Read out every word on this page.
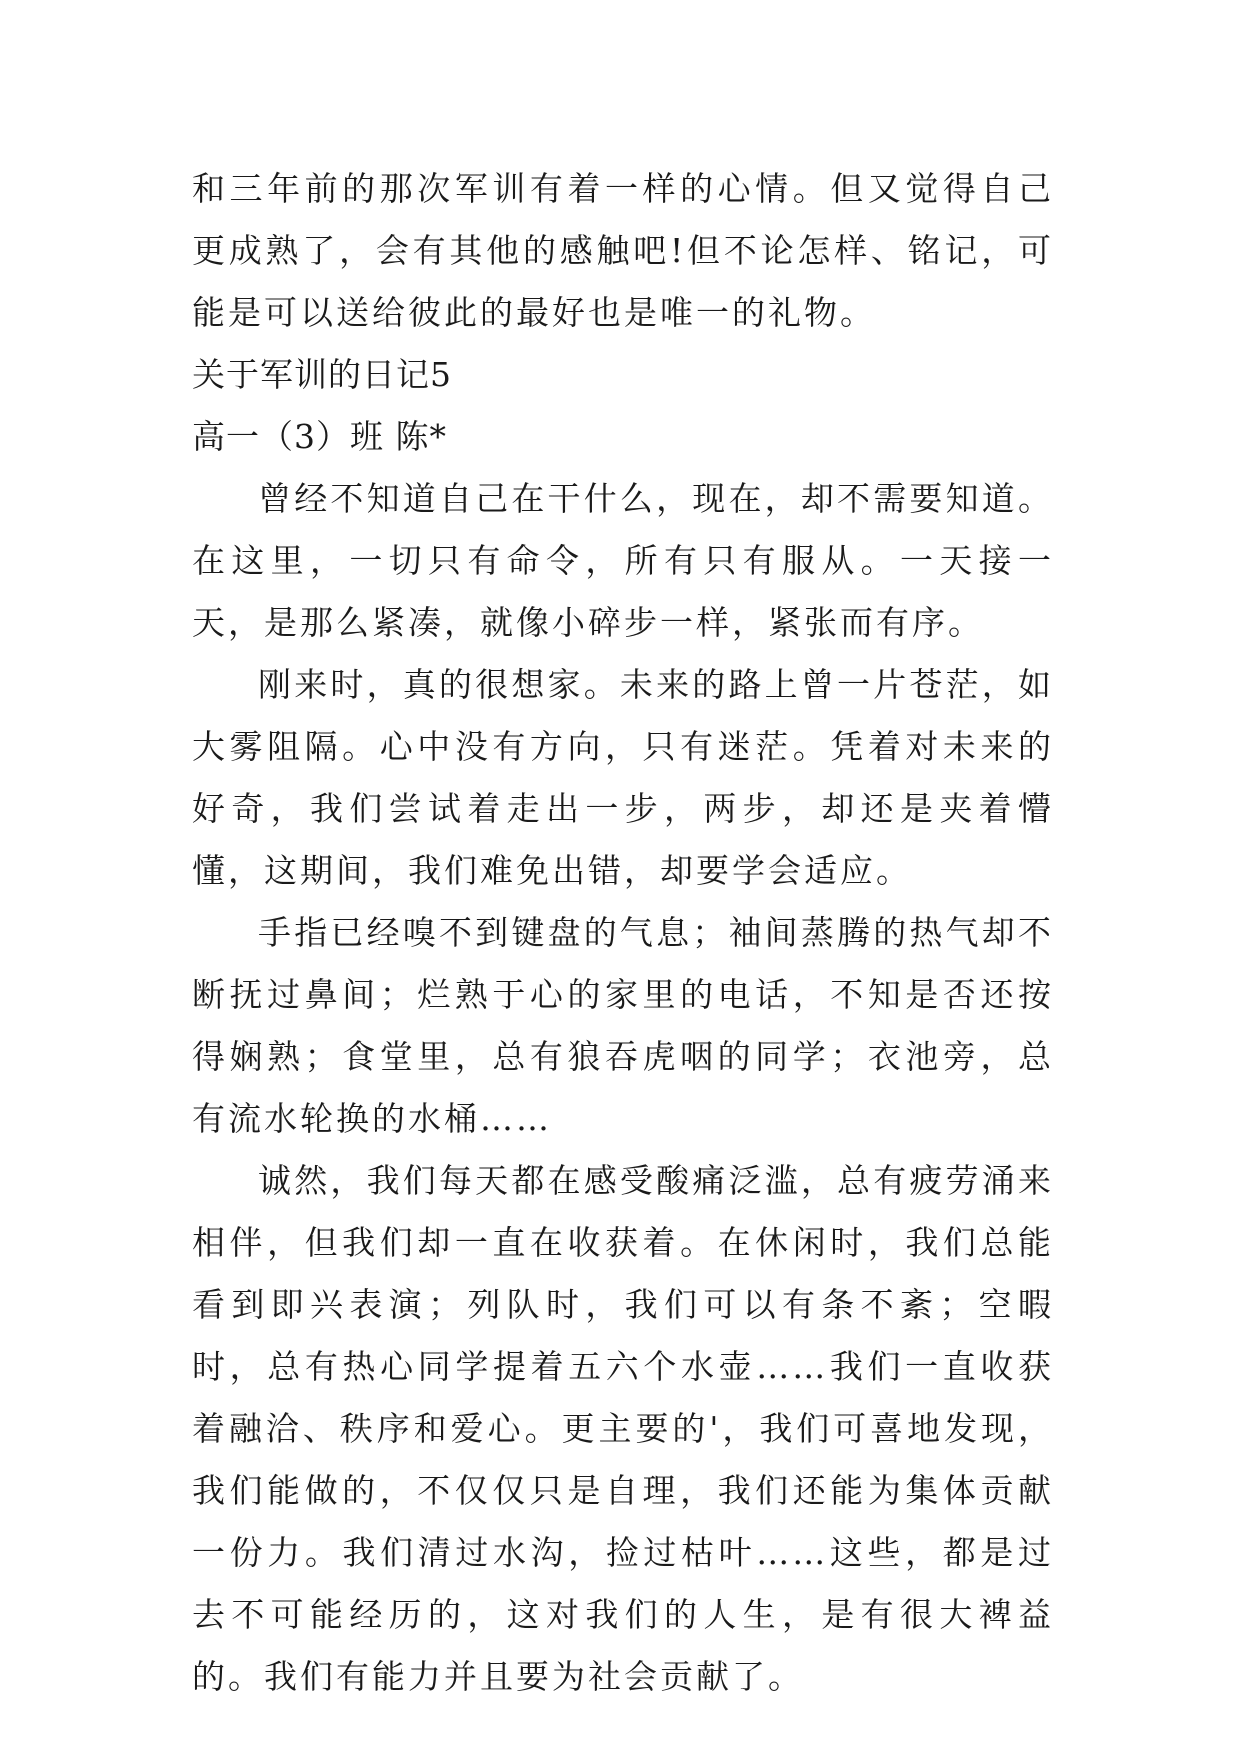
和三年前的那次军训有着一样的心情。但又觉得自己更成熟了，会有其他的感触吧!但不论怎样、铭记，可能是可以送给彼此的最好也是唯一的礼物。

关于军训的日记5

高一（3）班 陈*

曾经不知道自己在干什么，现在，却不需要知道。在这里，一切只有命令，所有只有服从。一天接一天，是那么紧凑，就像小碎步一样，紧张而有序。

刚来时，真的很想家。未来的路上曾一片苍茫，如大雾阻隔。心中没有方向，只有迷茫。凭着对未来的好奇，我们尝试着走出一步，两步，却还是夹着懵懂，这期间，我们难免出错，却要学会适应。

手指已经嗅不到键盘的气息；袖间蒸腾的热气却不断抚过鼻间；烂熟于心的家里的电话，不知是否还按得娴熟；食堂里，总有狼吞虎咽的同学；衣池旁，总有流水轮换的水桶……

诚然，我们每天都在感受酸痛泛滥，总有疲劳涌来相伴，但我们却一直在收获着。在休闲时，我们总能看到即兴表演；列队时，我们可以有条不紊；空暇时，总有热心同学提着五六个水壶……我们一直收获着融洽、秩序和爱心。更主要的'，我们可喜地发现，我们能做的，不仅仅只是自理，我们还能为集体贡献一份力。我们清过水沟，捡过枯叶……这些，都是过去不可能经历的，这对我们的人生，是有很大裨益的。我们有能力并且要为社会贡献了。
